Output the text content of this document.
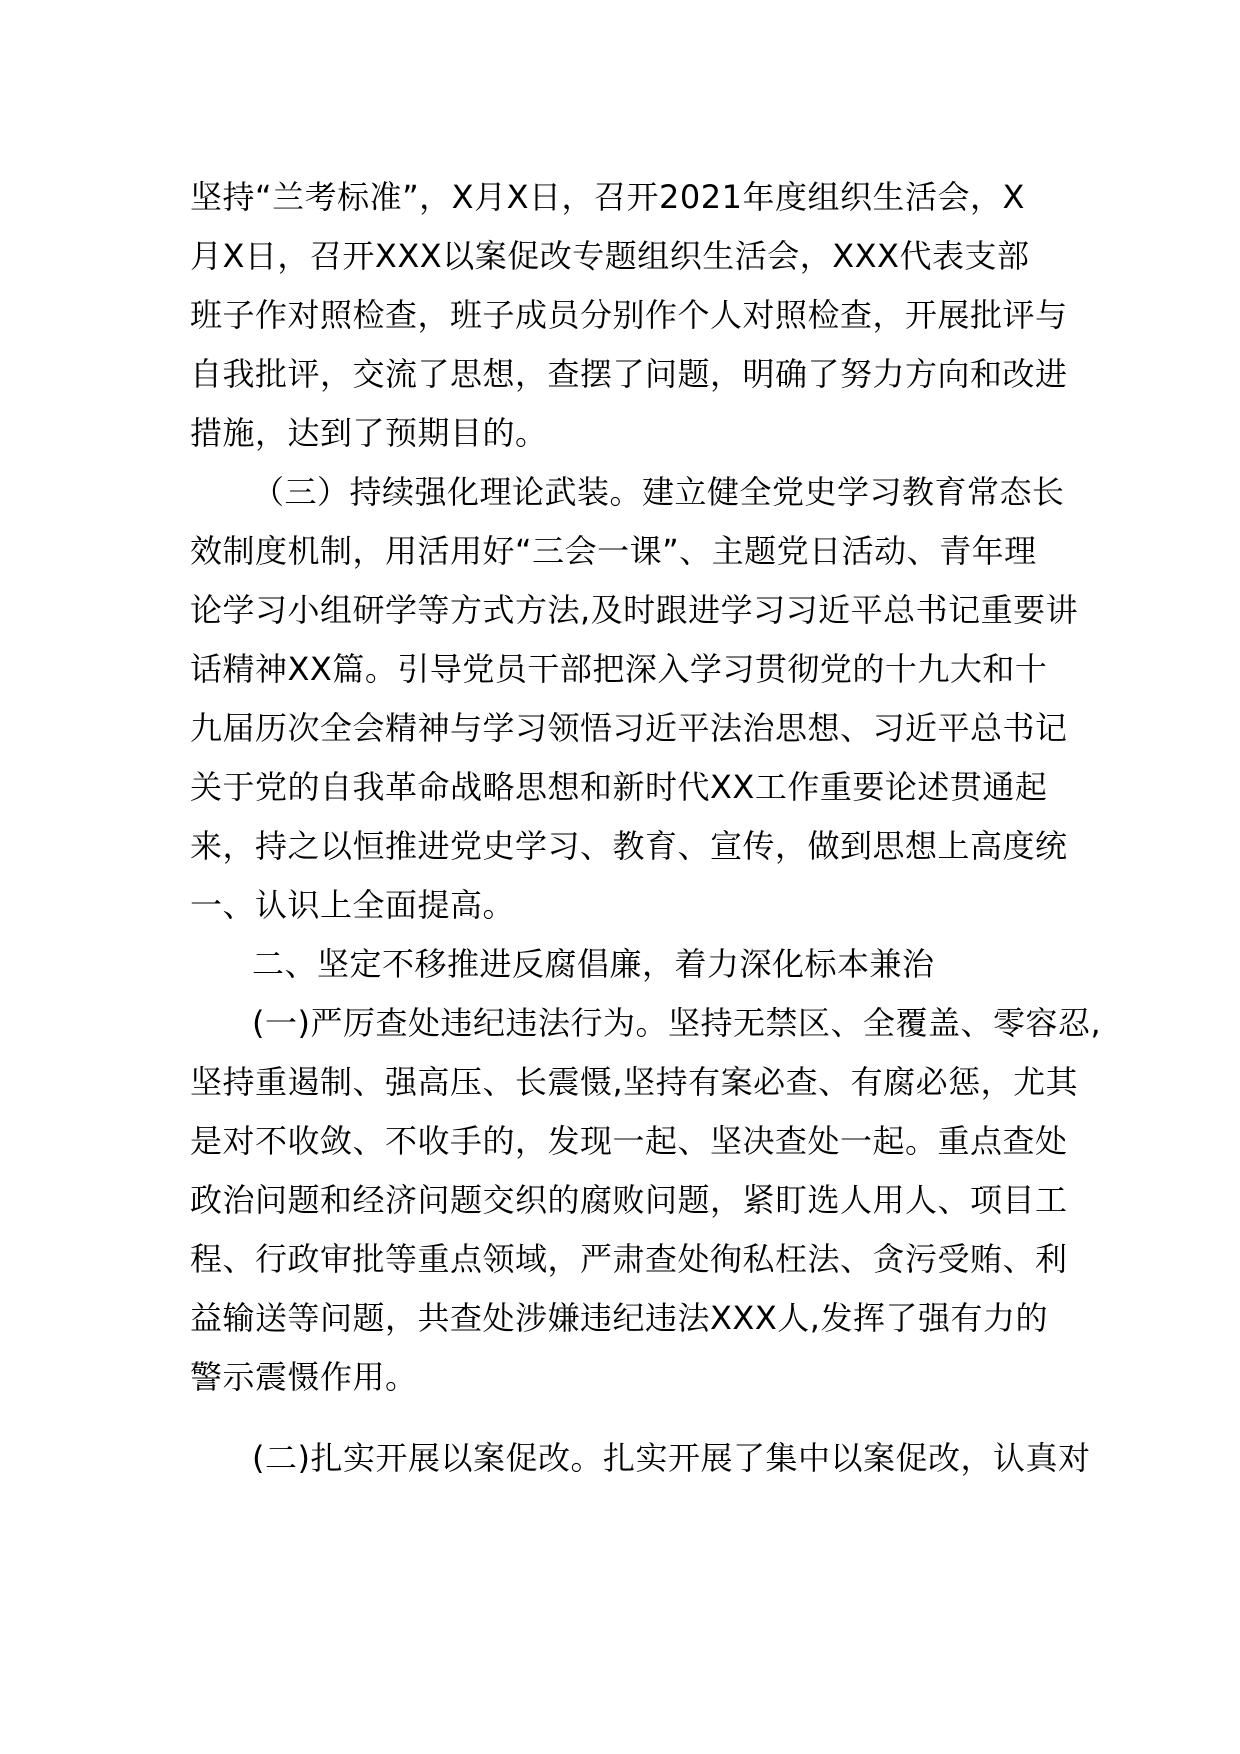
坚持“兰考标准”，X月X日，召开2021年度组织生活会，X
月X日，召开XXX以案促改专题组织生活会，XXX代表支部
班子作对照检查，班子成员分别作个人对照检查，开展批评与
自我批评，交流了思想，查摆了问题，明确了努力方向和改进
措施，达到了预期目的。
（三）持续强化理论武装。建立健全党史学习教育常态长
效制度机制，用活用好“三会一课”、主题党日活动、青年理
论学习小组研学等方式方法,及时跟进学习习近平总书记重要讲
话精神XX篇。引导党员干部把深入学习贯彻党的十九大和十
九届历次全会精神与学习领悟习近平法治思想、习近平总书记
关于党的自我革命战略思想和新时代XX工作重要论述贯通起
来，持之以恒推进党史学习、教育、宣传，做到思想上高度统
一、认识上全面提高。
二、坚定不移推进反腐倡廉，着力深化标本兼治
(一)严厉查处违纪违法行为。坚持无禁区、全覆盖、零容忍,
坚持重遏制、强高压、长震慑,坚持有案必查、有腐必惩，尤其
是对不收敛、不收手的，发现一起、坚决查处一起。重点查处
政治问题和经济问题交织的腐败问题，紧盯选人用人、项目工
程、行政审批等重点领域，严肃查处徇私枉法、贪污受贿、利
益输送等问题，共查处涉嫌违纪违法XXX人,发挥了强有力的
警示震慑作用。
(二)扎实开展以案促改。扎实开展了集中以案促改，认真对
